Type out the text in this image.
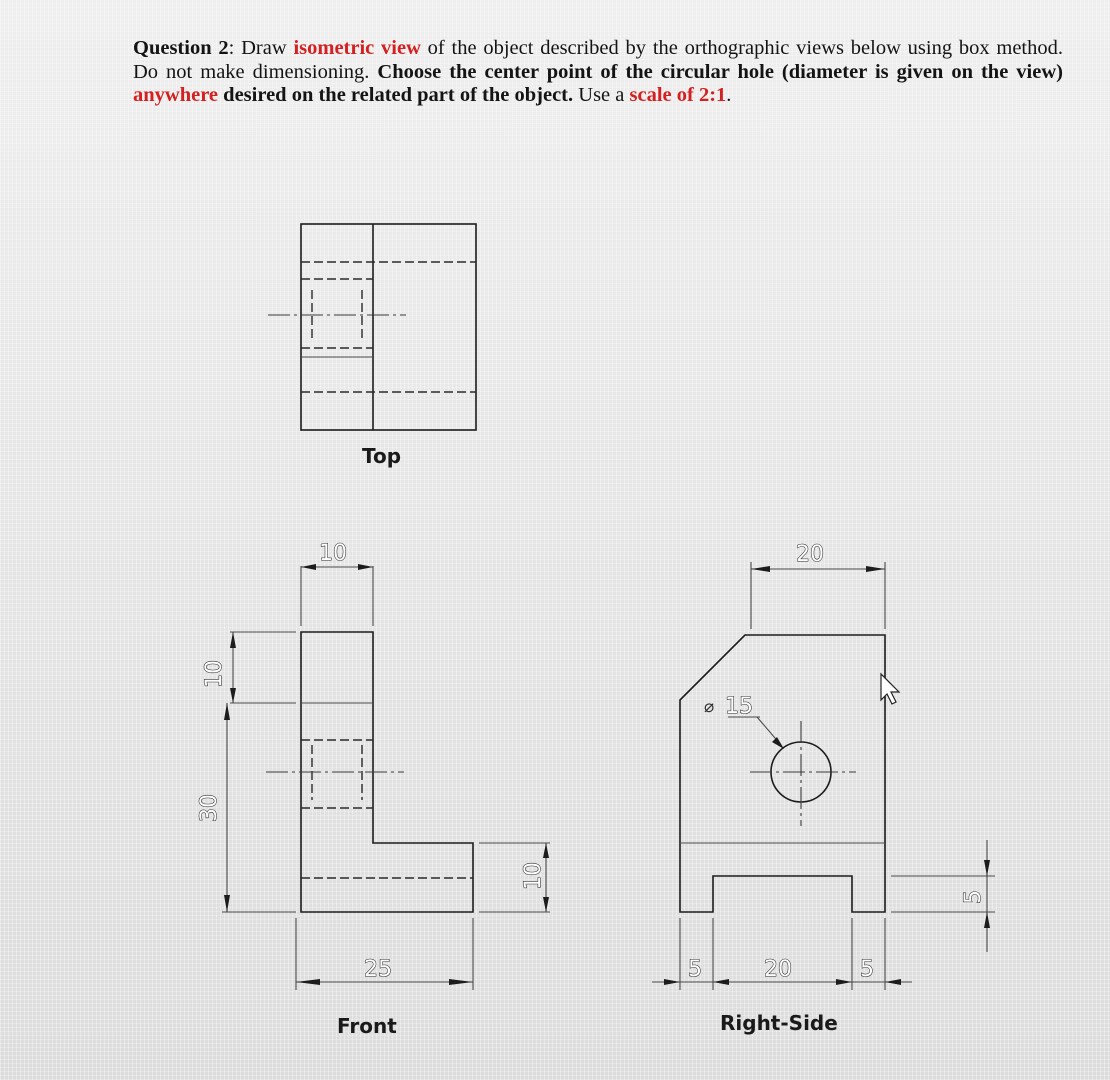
Question 2: Draw isometric view of the object described by the orthographic views below using box method. Do not make dimensioning. Choose the center point of the circular hole (diameter is given on the view) anywhere desired on the related part of the object. Use a scale of 2:1.
Top
10
25
10
30
10
Front
⌀ 15
20
5	20	5
5
Right-Side
